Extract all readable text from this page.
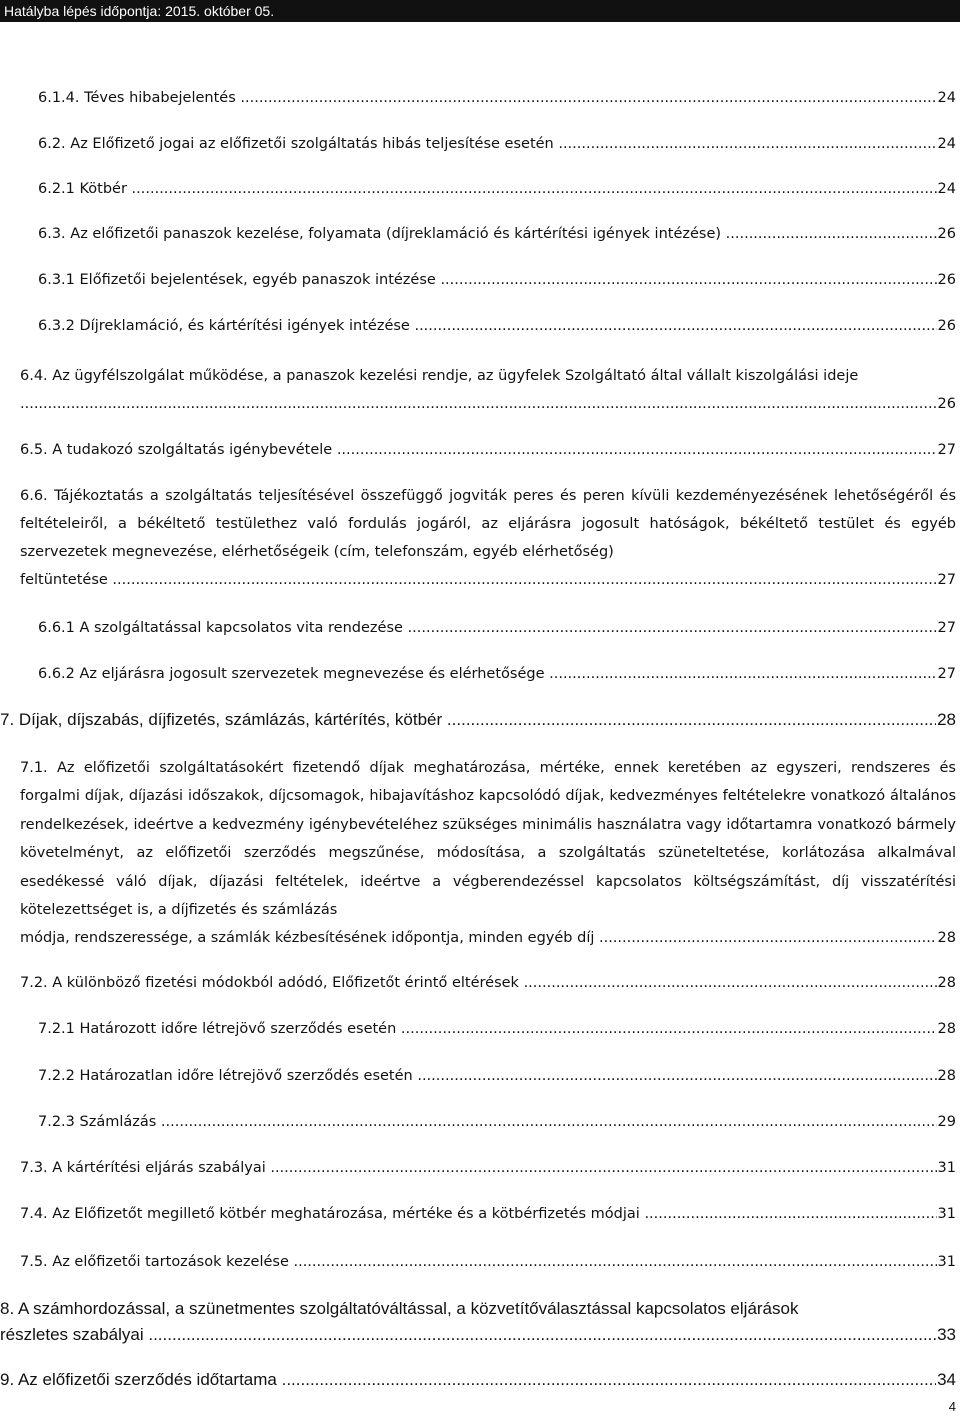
Hatályba lépés időpontja: 2015. október 05.
6.1.4. Téves hibabejelentés	24
.....
6.2. Az Előfizető jogai az előfizetői szolgáltatás hibás teljesítése esetén	24
.....
6.2.1 Kötbér	24
.....
6.3. Az előfizetői panaszok kezelése, folyamata (díjreklamáció és kártérítési igények intézése)	26
.....
6.3.1 Előfizetői bejelentések, egyéb panaszok intézése	26
.....
6.3.2 Díjreklamáció, és kártérítési igények intézése	26
.....
6.4. Az ügyfélszolgálat működése, a panaszok kezelési rendje, az ügyfelek Szolgáltató által vállalt kiszolgálási ideje
26
.....
6.5. A tudakozó szolgáltatás igénybevétele	27
.....
6.6. Tájékoztatás a szolgáltatás teljesítésével összefüggő jogviták peres és peren kívüli kezdeményezésének lehetőségéről és feltételeiről, a békéltető testülethez való fordulás jogáról, az eljárásra jogosult hatóságok, békéltető testület és egyéb szervezetek megnevezése, elérhetőségeik (cím, telefonszám, egyéb elérhetőség)
feltüntetése	27
.....
6.6.1 A szolgáltatással kapcsolatos vita rendezése	27
.....
6.6.2 Az eljárásra jogosult szervezetek megnevezése és elérhetősége	27
.....
7. Díjak, díjszabás, díjfizetés, számlázás, kártérítés, kötbér	28
.....
7.1. Az előfizetői szolgáltatásokért fizetendő díjak meghatározása, mértéke, ennek keretében az egyszeri, rendszeres és forgalmi díjak, díjazási időszakok, díjcsomagok, hibajavításhoz kapcsolódó díjak, kedvezményes feltételekre vonatkozó általános rendelkezések, ideértve a kedvezmény igénybevételéhez szükséges minimális használatra vagy időtartamra vonatkozó bármely követelményt, az előfizetői szerződés megszűnése, módosítása, a szolgáltatás szüneteltetése, korlátozása alkalmával esedékessé váló díjak, díjazási feltételek, ideértve a végberendezéssel kapcsolatos költségszámítást, díj visszatérítési kötelezettséget is, a díjfizetés és számlázás
módja, rendszeressége, a számlák kézbesítésének időpontja, minden egyéb díj	28
.....
7.2. A különböző fizetési módokból adódó, Előfizetőt érintő eltérések	28
.....
7.2.1 Határozott időre létrejövő szerződés esetén	28
.....
7.2.2 Határozatlan időre létrejövő szerződés esetén	28
.....
7.2.3 Számlázás	29
.....
7.3. A kártérítési eljárás szabályai	31
.....
7.4. Az Előfizetőt megillető kötbér meghatározása, mértéke és a kötbérfizetés módjai	31
.....
7.5. Az előfizetői tartozások kezelése	31
.....
8. A számhordozással, a szünetmentes szolgáltatóváltással, a közvetítőválasztással kapcsolatos eljárások
részletes szabályai	33
.....
9. Az előfizetői szerződés időtartama	34
.....
4
